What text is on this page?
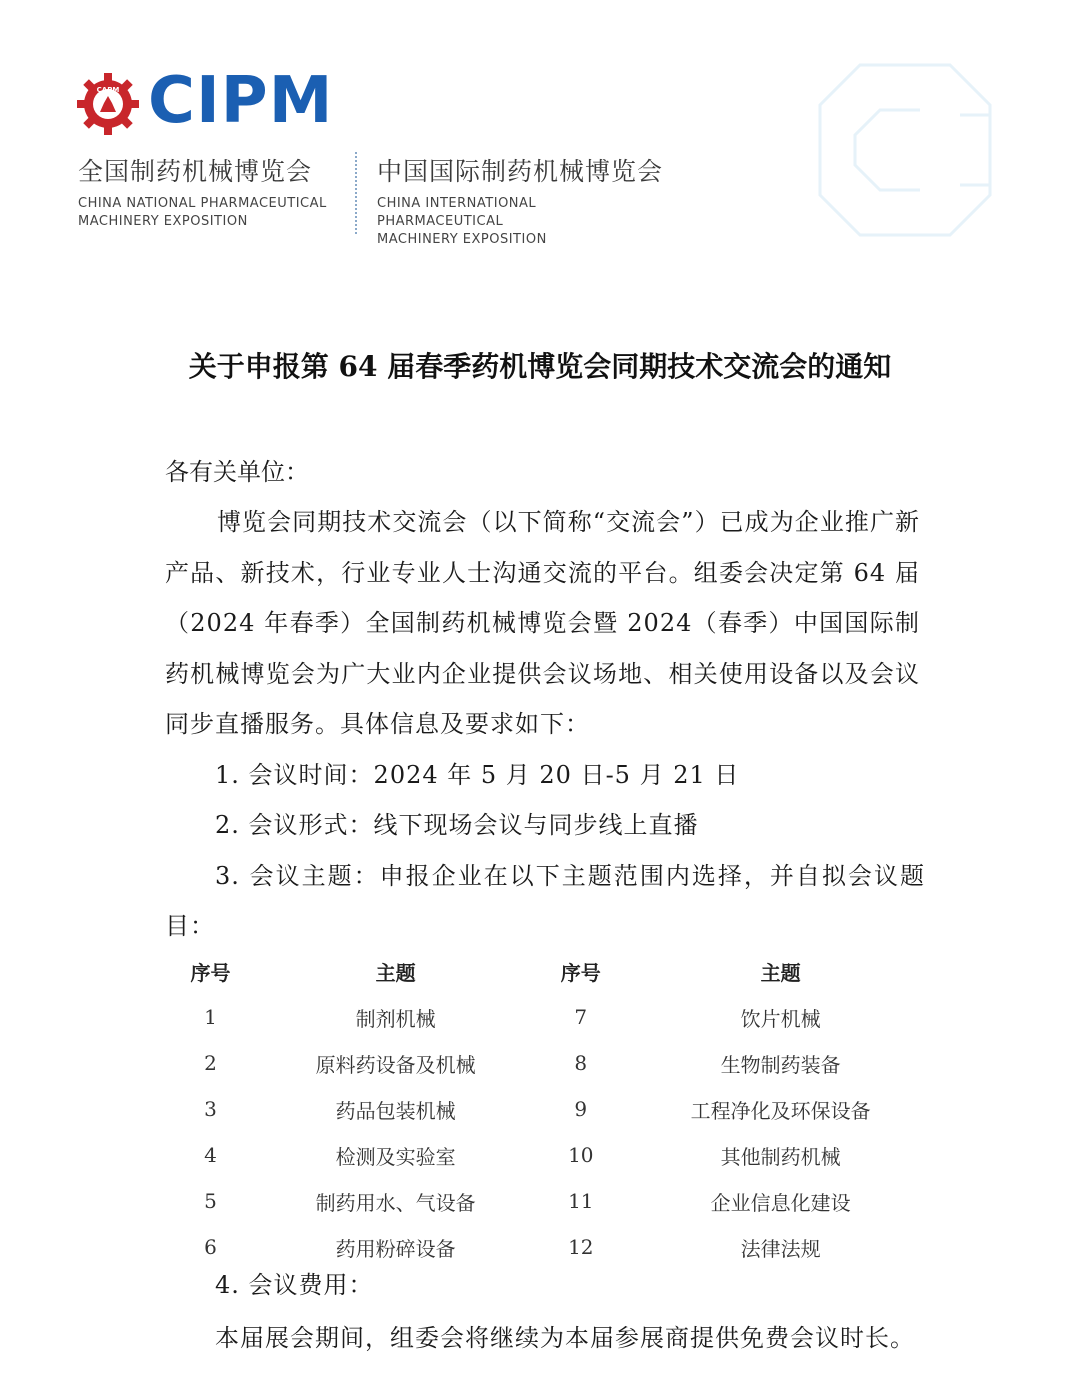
CAPM CIPM
全国制药机械博览会
CHINA NATIONAL PHARMACEUTICAL
MACHINERY EXPOSITION
中国国际制药机械博览会
CHINA INTERNATIONAL PHARMACEUTICAL
MACHINERY EXPOSITION
关于申报第 64 届春季药机博览会同期技术交流会的通知
各有关单位：
博览会同期技术交流会（以下简称“交流会”）已成为企业推广新产品、新技术，行业专业人士沟通交流的平台。组委会决定第 64 届（2024 年春季）全国制药机械博览会暨 2024（春季）中国国际制药机械博览会为广大业内企业提供会议场地、相关使用设备以及会议同步直播服务。具体信息及要求如下：
1. 会议时间：2024 年 5 月 20 日-5 月 21 日
2. 会议形式：线下现场会议与同步线上直播
3. 会议主题：申报企业在以下主题范围内选择，并自拟会议题目：
序号	主题	序号	主题
1	制剂机械	7	饮片机械
2	原料药设备及机械	8	生物制药装备
3	药品包装机械	9	工程净化及环保设备
4	检测及实验室	10	其他制药机械
5	制药用水、气设备	11	企业信息化建设
6	药用粉碎设备	12	法律法规
4. 会议费用：
本届展会期间，组委会将继续为本届参展商提供免费会议时长。
